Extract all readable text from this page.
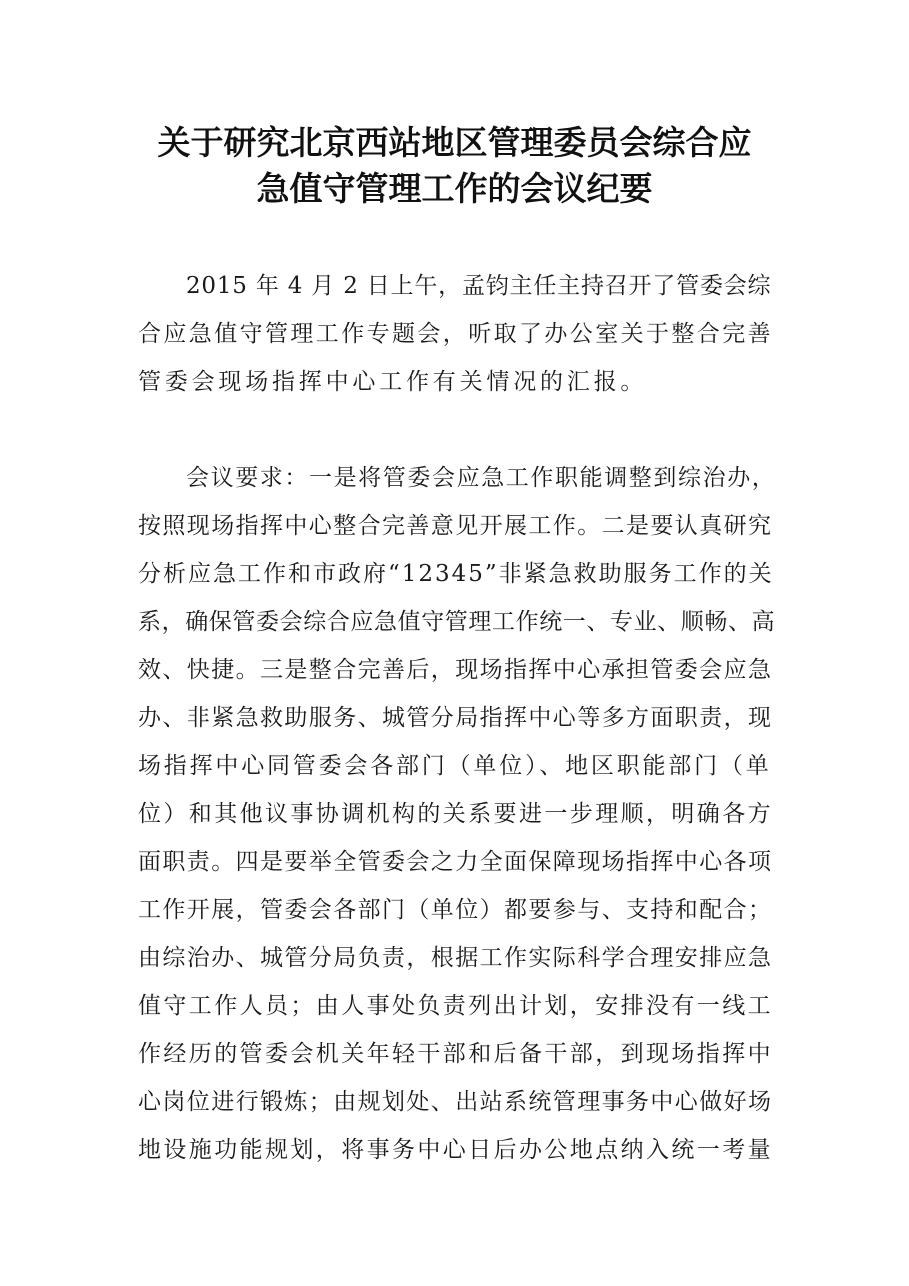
关于研究北京西站地区管理委员会综合应
急值守管理工作的会议纪要
2015 年 4 月 2 日上午，孟钧主任主持召开了管委会综
合应急值守管理工作专题会，听取了办公室关于整合完善
管委会现场指挥中心工作有关情况的汇报。
会议要求：一是将管委会应急工作职能调整到综治办，
按照现场指挥中心整合完善意见开展工作。二是要认真研究
分析应急工作和市政府“12345”非紧急救助服务工作的关
系，确保管委会综合应急值守管理工作统一、专业、顺畅、高
效、快捷。三是整合完善后，现场指挥中心承担管委会应急
办、非紧急救助服务、城管分局指挥中心等多方面职责，现
场指挥中心同管委会各部门（单位）、地区职能部门（单
位）和其他议事协调机构的关系要进一步理顺，明确各方
面职责。四是要举全管委会之力全面保障现场指挥中心各项
工作开展，管委会各部门（单位）都要参与、支持和配合；
由综治办、城管分局负责，根据工作实际科学合理安排应急
值守工作人员；由人事处负责列出计划，安排没有一线工
作经历的管委会机关年轻干部和后备干部，到现场指挥中
心岗位进行锻炼；由规划处、出站系统管理事务中心做好场
地设施功能规划，将事务中心日后办公地点纳入统一考量
